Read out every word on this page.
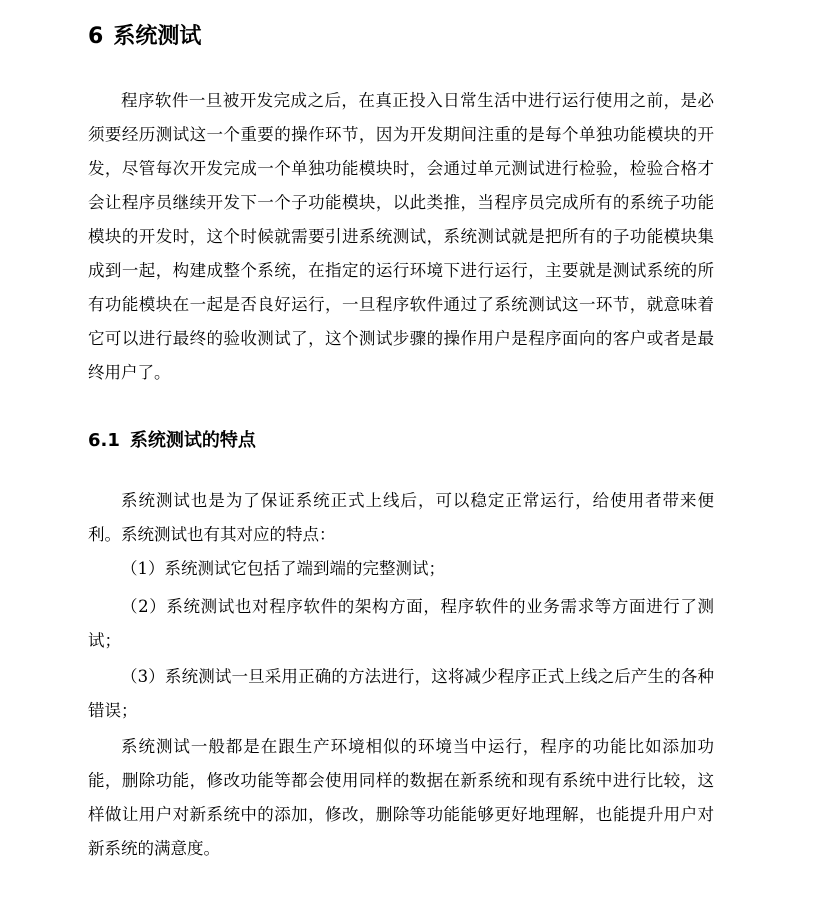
6 系统测试

程序软件一旦被开发完成之后，在真正投入日常生活中进行运行使用之前，是必须要经历测试这一个重要的操作环节，因为开发期间注重的是每个单独功能模块的开发，尽管每次开发完成一个单独功能模块时，会通过单元测试进行检验，检验合格才会让程序员继续开发下一个子功能模块，以此类推，当程序员完成所有的系统子功能模块的开发时，这个时候就需要引进系统测试，系统测试就是把所有的子功能模块集成到一起，构建成整个系统，在指定的运行环境下进行运行，主要就是测试系统的所有功能模块在一起是否良好运行，一旦程序软件通过了系统测试这一环节，就意味着它可以进行最终的验收测试了，这个测试步骤的操作用户是程序面向的客户或者是最终用户了。

6.1 系统测试的特点

系统测试也是为了保证系统正式上线后，可以稳定正常运行，给使用者带来便利。系统测试也有其对应的特点：

（1）系统测试它包括了端到端的完整测试；

（2）系统测试也对程序软件的架构方面，程序软件的业务需求等方面进行了测试；

（3）系统测试一旦采用正确的方法进行，这将减少程序正式上线之后产生的各种错误；

系统测试一般都是在跟生产环境相似的环境当中运行，程序的功能比如添加功能，删除功能，修改功能等都会使用同样的数据在新系统和现有系统中进行比较，这样做让用户对新系统中的添加，修改，删除等功能能够更好地理解，也能提升用户对新系统的满意度。
